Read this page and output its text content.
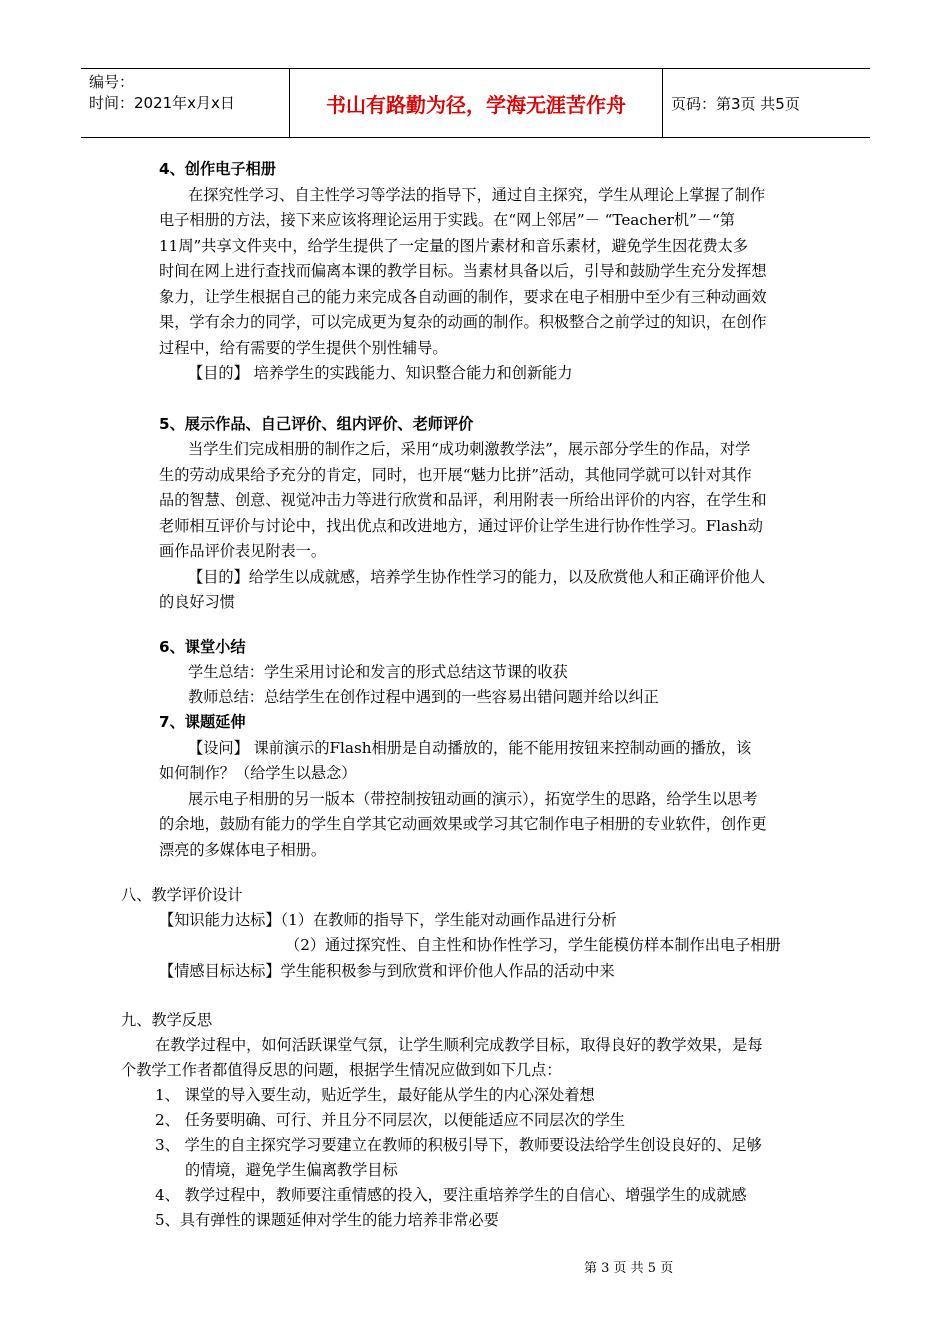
编号：
时间：2021年x月x日	书山有路勤为径，学海无涯苦作舟	页码：第3页 共5页
4、创作电子相册
在探究性学习、自主性学习等学法的指导下，通过自主探究，学生从理论上掌握了制作
电子相册的方法，接下来应该将理论运用于实践。在“网上邻居”－ “Teacher机”－“第
11周”共享文件夹中，给学生提供了一定量的图片素材和音乐素材，避免学生因花费太多
时间在网上进行查找而偏离本课的教学目标。当素材具备以后，引导和鼓励学生充分发挥想
象力，让学生根据自己的能力来完成各自动画的制作，要求在电子相册中至少有三种动画效
果，学有余力的同学，可以完成更为复杂的动画的制作。积极整合之前学过的知识，在创作
过程中，给有需要的学生提供个别性辅导。
【目的】 培养学生的实践能力、知识整合能力和创新能力
5、展示作品、自己评价、组内评价、老师评价
当学生们完成相册的制作之后，采用“成功刺激教学法”，展示部分学生的作品，对学
生的劳动成果给予充分的肯定，同时，也开展“魅力比拼”活动，其他同学就可以针对其作
品的智慧、创意、视觉冲击力等进行欣赏和品评，利用附表一所给出评价的内容，在学生和
老师相互评价与讨论中，找出优点和改进地方，通过评价让学生进行协作性学习。Flash动
画作品评价表见附表一。
【目的】给学生以成就感，培养学生协作性学习的能力，以及欣赏他人和正确评价他人
的良好习惯
6、课堂小结
学生总结：学生采用讨论和发言的形式总结这节课的收获
教师总结：总结学生在创作过程中遇到的一些容易出错问题并给以纠正
7、课题延伸
【设问】 课前演示的Flash相册是自动播放的，能不能用按钮来控制动画的播放，该
如何制作？（给学生以悬念）
展示电子相册的另一版本（带控制按钮动画的演示），拓宽学生的思路，给学生以思考
的余地，鼓励有能力的学生自学其它动画效果或学习其它制作电子相册的专业软件，创作更
漂亮的多媒体电子相册。
八、教学评价设计
【知识能力达标】（1）在教师的指导下，学生能对动画作品进行分析
（2）通过探究性、自主性和协作性学习，学生能模仿样本制作出电子相册
【情感目标达标】学生能积极参与到欣赏和评价他人作品的活动中来
九、教学反思
在教学过程中，如何活跃课堂气氛，让学生顺利完成教学目标，取得良好的教学效果，是每
个教学工作者都值得反思的问题，根据学生情况应做到如下几点：
1、 课堂的导入要生动，贴近学生，最好能从学生的内心深处着想
2、 任务要明确、可行、并且分不同层次，以便能适应不同层次的学生
3、 学生的自主探究学习要建立在教师的积极引导下，教师要设法给学生创设良好的、足够
的情境，避免学生偏离教学目标
4、 教学过程中，教师要注重情感的投入，要注重培养学生的自信心、增强学生的成就感
5、具有弹性的课题延伸对学生的能力培养非常必要
第 3 页 共 5 页
